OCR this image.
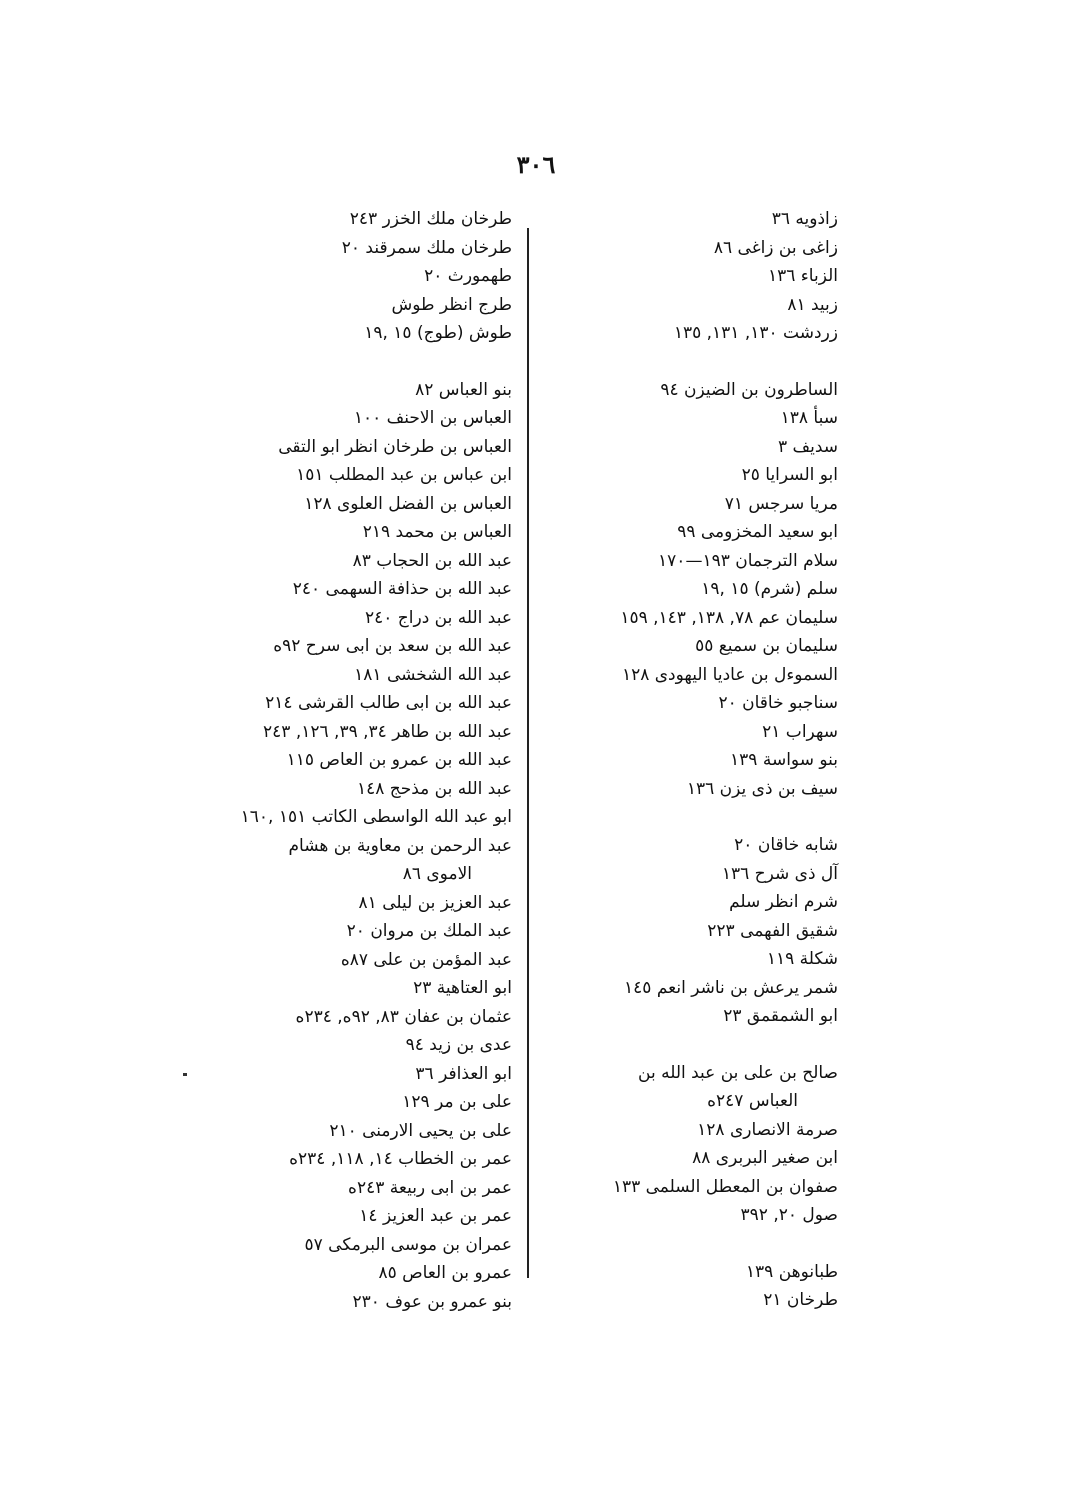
٣٠٦
زاذويه ٣٦
زاغى بن زاغى ٨٦
الزباء ١٣٦
زبيد ٨١
زردشت ١٣٠, ١٣١, ١٣٥
الساطرون بن الضيزن ٩٤
سبأ ١٣٨
سديف ٣
ابو السرايا ٢٥
مريا سرجس ٧١
ابو سعيد المخزومى ٩٩
سلام الترجمان ١٩٣—١٧٠
سلم (شرم) ١٥ ,١٩
سليمان عم ٧٨, ١٣٨, ١٤٣, ١٥٩
سليمان بن سميع ٥٥
السموءل بن عاديا اليهودى ١٢٨
سناجبو خاقان ٢٠
سهراب ٢١
بنو سواسة ١٣٩
سيف بن ذى يزن ١٣٦
شابه خاقان ٢٠
آل ذى شرح ١٣٦
شرم انظر سلم
شقيق الفهمى ٢٢٣
شكلة ١١٩
شمر يرعش بن ناشر انعم ١٤٥
ابو الشمقمق ٢٣
صالح بن على بن عبد الله بن
العباس ٢٤٧ه
صرمة الانصارى ١٢٨
ابن صغير البربرى ٨٨
صفوان بن المعطل السلمى ١٣٣
صول ٢٠, ٣٩٢
طبانوهن ١٣٩
طرخان ٢١
طرخان ملك الخزر ٢٤٣
طرخان ملك سمرقند ٢٠
طهمورث ٢٠
طرج انظر طوش
طوش (طوج) ١٥ ,١٩
بنو العباس ٨٢
العباس بن الاحنف ١٠٠
العباس بن طرخان انظر ابو التقى
ابن عباس بن عبد المطلب ١٥١
العباس بن الفضل العلوى ١٢٨
العباس بن محمد ٢١٩
عبد الله بن الحجاب ٨٣
عبد الله بن حذافة السهمى ٢٤٠
عبد الله بن دراج ٢٤٠
عبد الله بن سعد بن ابى سرح ٩٢ه
عبد الله الشخشى ١٨١
عبد الله بن ابى طالب القرشى ٢١٤
عبد الله بن طاهر ٣٤, ٣٩, ١٢٦, ٢٤٣
عبد الله بن عمرو بن العاص ١١٥
عبد الله بن مذحج ١٤٨
ابو عبد الله الواسطى الكاتب ١٥١ ,١٦٠
عبد الرحمن بن معاوية بن هشام
الاموى ٨٦
عبد العزيز بن ليلى ٨١
عبد الملك بن مروان ٢٠
عبد المؤمن بن على ٨٧ه
ابو العتاهية ٢٣
عثمان بن عفان ٨٣, ٩٢ه, ٢٣٤ه
عدى بن زيد ٩٤
ابو العذافر ٣٦
على بن مر ١٢٩
على بن يحيى الارمنى ٢١٠
عمر بن الخطاب ١٤, ١١٨, ٢٣٤ه
عمر بن ابى ربيعة ٢٤٣ه
عمر بن عبد العزيز ١٤
عمران بن موسى البرمكى ٥٧
عمرو بن العاص ٨٥
بنو عمرو بن عوف ٢٣٠
